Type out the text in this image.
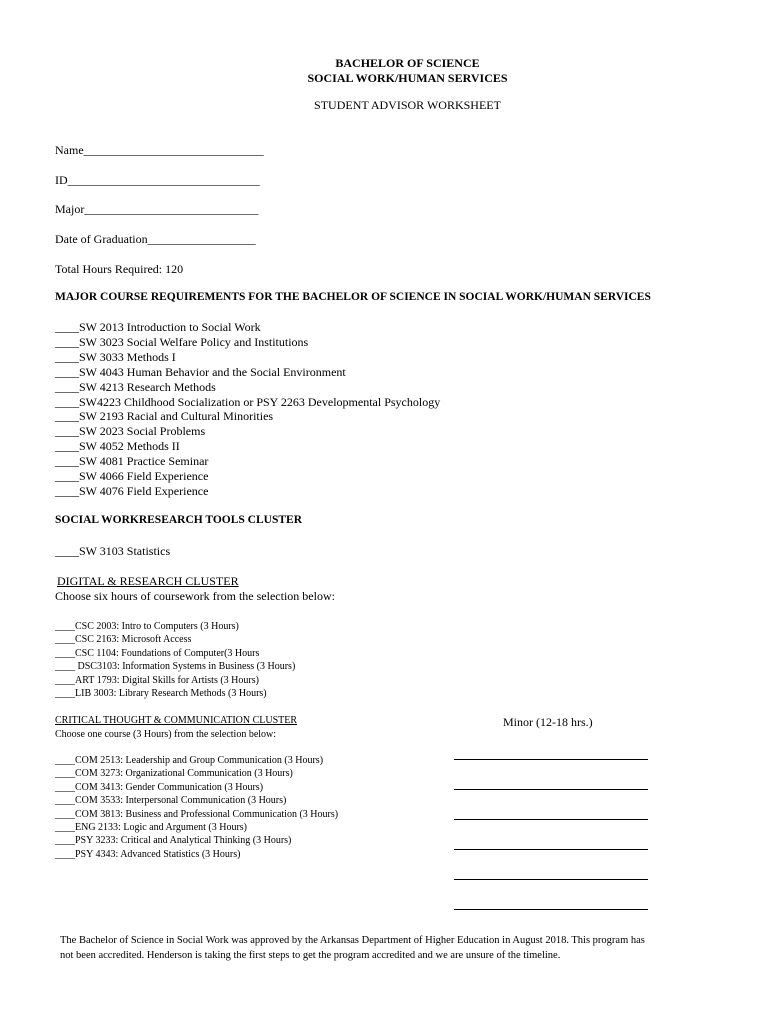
BACHELOR OF SCIENCE
SOCIAL WORK/HUMAN SERVICES
STUDENT ADVISOR WORKSHEET
Name______________________________
ID________________________________
Major_____________________________
Date of Graduation__________________
Total Hours Required: 120
MAJOR COURSE REQUIREMENTS FOR THE BACHELOR OF SCIENCE IN SOCIAL WORK/HUMAN SERVICES
____SW 2013 Introduction to Social Work
____SW 3023 Social Welfare Policy and Institutions
____SW 3033 Methods I
____SW 4043 Human Behavior and the Social Environment
____SW 4213 Research Methods
____SW4223 Childhood Socialization or PSY 2263 Developmental Psychology
____SW 2193 Racial and Cultural Minorities
____SW 2023 Social Problems
____SW 4052 Methods II
____SW 4081 Practice Seminar
____SW 4066 Field Experience
____SW 4076 Field Experience
SOCIAL WORKRESEARCH TOOLS CLUSTER
____SW 3103 Statistics
DIGITAL & RESEARCH CLUSTER
Choose six hours of coursework from the selection below:
____CSC 2003: Intro to Computers (3 Hours)
____CSC 2163: Microsoft Access
____CSC 1104: Foundations of Computer(3 Hours
____ DSC3103: Information Systems in Business (3 Hours)
____ART 1793: Digital Skills for Artists (3 Hours)
____LIB 3003: Library Research Methods (3 Hours)
CRITICAL THOUGHT & COMMUNICATION CLUSTER
Choose one course (3 Hours) from the selection below:
____COM 2513: Leadership and Group Communication (3 Hours)
____COM 3273: Organizational Communication (3 Hours)
____COM 3413: Gender Communication (3 Hours)
____COM 3533: Interpersonal Communication (3 Hours)
____COM 3813: Business and Professional Communication (3 Hours)
____ENG 2133: Logic and Argument (3 Hours)
____PSY 3233: Critical and Analytical Thinking (3 Hours)
____PSY 4343: Advanced Statistics (3 Hours)
Minor (12-18 hrs.)
The Bachelor of Science in Social Work was approved by the Arkansas Department of Higher Education in August 2018. This program has not been accredited. Henderson is taking the first steps to get the program accredited and we are unsure of the timeline.
